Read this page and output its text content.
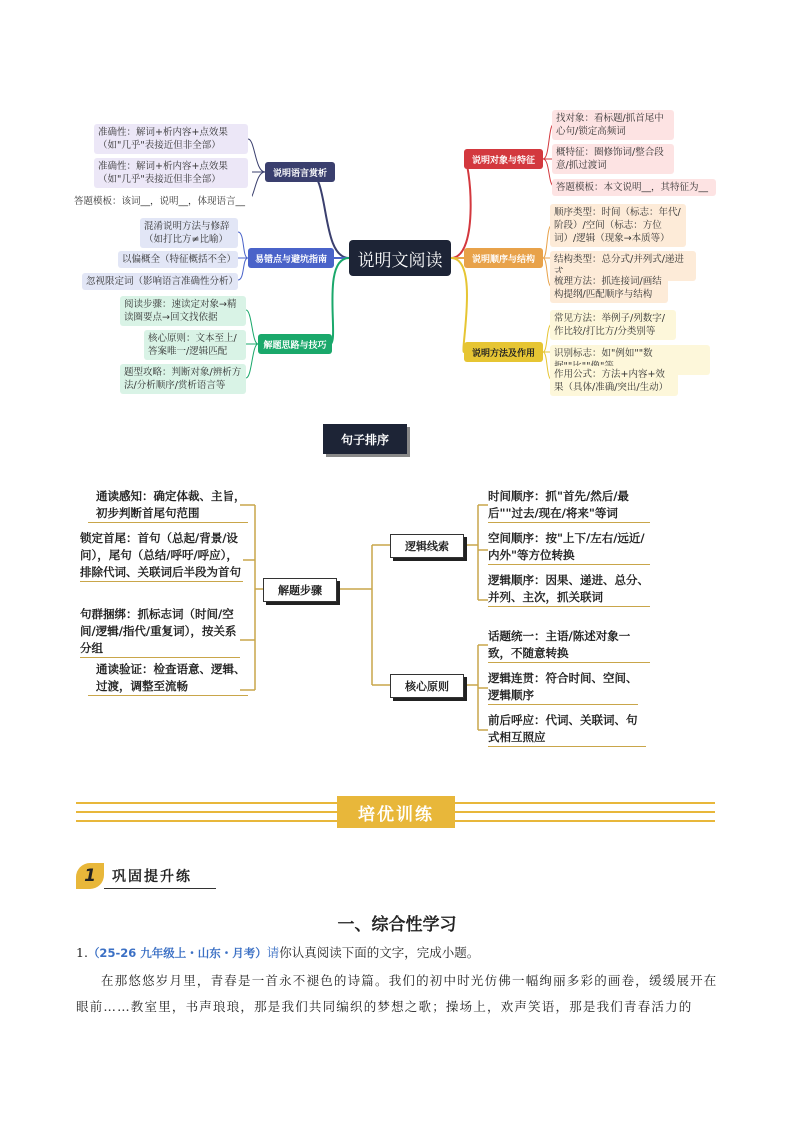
说明文阅读
说明语言赏析
易错点与避坑指南
解题思路与技巧
说明对象与特征
说明顺序与结构
说明方法及作用
准确性：解词+析内容+点效果（如"几乎"表接近但非全部）
准确性：解词+析内容+点效果（如"几乎"表接近但非全部）
答题模板：该词__，说明__，体现语言__
混淆说明方法与修辞（如打比方≠比喻）
以偏概全（特征概括不全）
忽视限定词（影响语言准确性分析）
阅读步骤：速读定对象→精读圈要点→回文找依据
核心原则：文本至上/答案唯一/逻辑匹配
题型攻略：判断对象/辨析方法/分析顺序/赏析语言等
找对象：看标题/抓首尾中心句/锁定高频词
概特征：圈修饰词/整合段意/抓过渡词
答题模板：本文说明__，其特征为__
顺序类型：时间（标志：年代/阶段）/空间（标志：方位词）/逻辑（现象→本质等）
结构类型：总分式/并列式/递进
梳理方法：抓连接词/画结构提纲/匹配顺序与结构
常见方法：举例子/列数字/作比较/打比方/分类别等
识别标志：如"例如""数
作用公式：方法+内容+效果（具体/准确/突出/生动）
句子排序
解题步骤
逻辑线索
核心原则
通读感知：确定体裁、主旨，初步判断首尾句范围
锁定首尾：首句（总起/背景/设问），尾句（总结/呼吁/呼应），排除代词、关联词后半段为首句
句群捆绑：抓标志词（时间/空间/逻辑/指代/重复词），按关系分组
通读验证：检查语意、逻辑、过渡，调整至流畅
时间顺序：抓"首先/然后/最后""过去/现在/将来"等词
空间顺序：按"上下/左右/远近/内外"等方位转换
逻辑顺序：因果、递进、总分、并列、主次，抓关联词
话题统一：主语/陈述对象一致，不随意转换
逻辑连贯：符合时间、空间、逻辑顺序
前后呼应：代词、关联词、句式相互照应
培优训练
1	巩固提升练
一、综合性学习
1.（25-26 九年级上・山东・月考）请你认真阅读下面的文字，完成小题。
在那悠悠岁月里，青春是一首永不褪色的诗篇。我们的初中时光仿佛一幅绚丽多彩的画卷，缓缓展开在眼前……教室里，书声琅琅，那是我们共同编织的梦想之歌；操场上，欢声笑语，那是我们青春活力的
